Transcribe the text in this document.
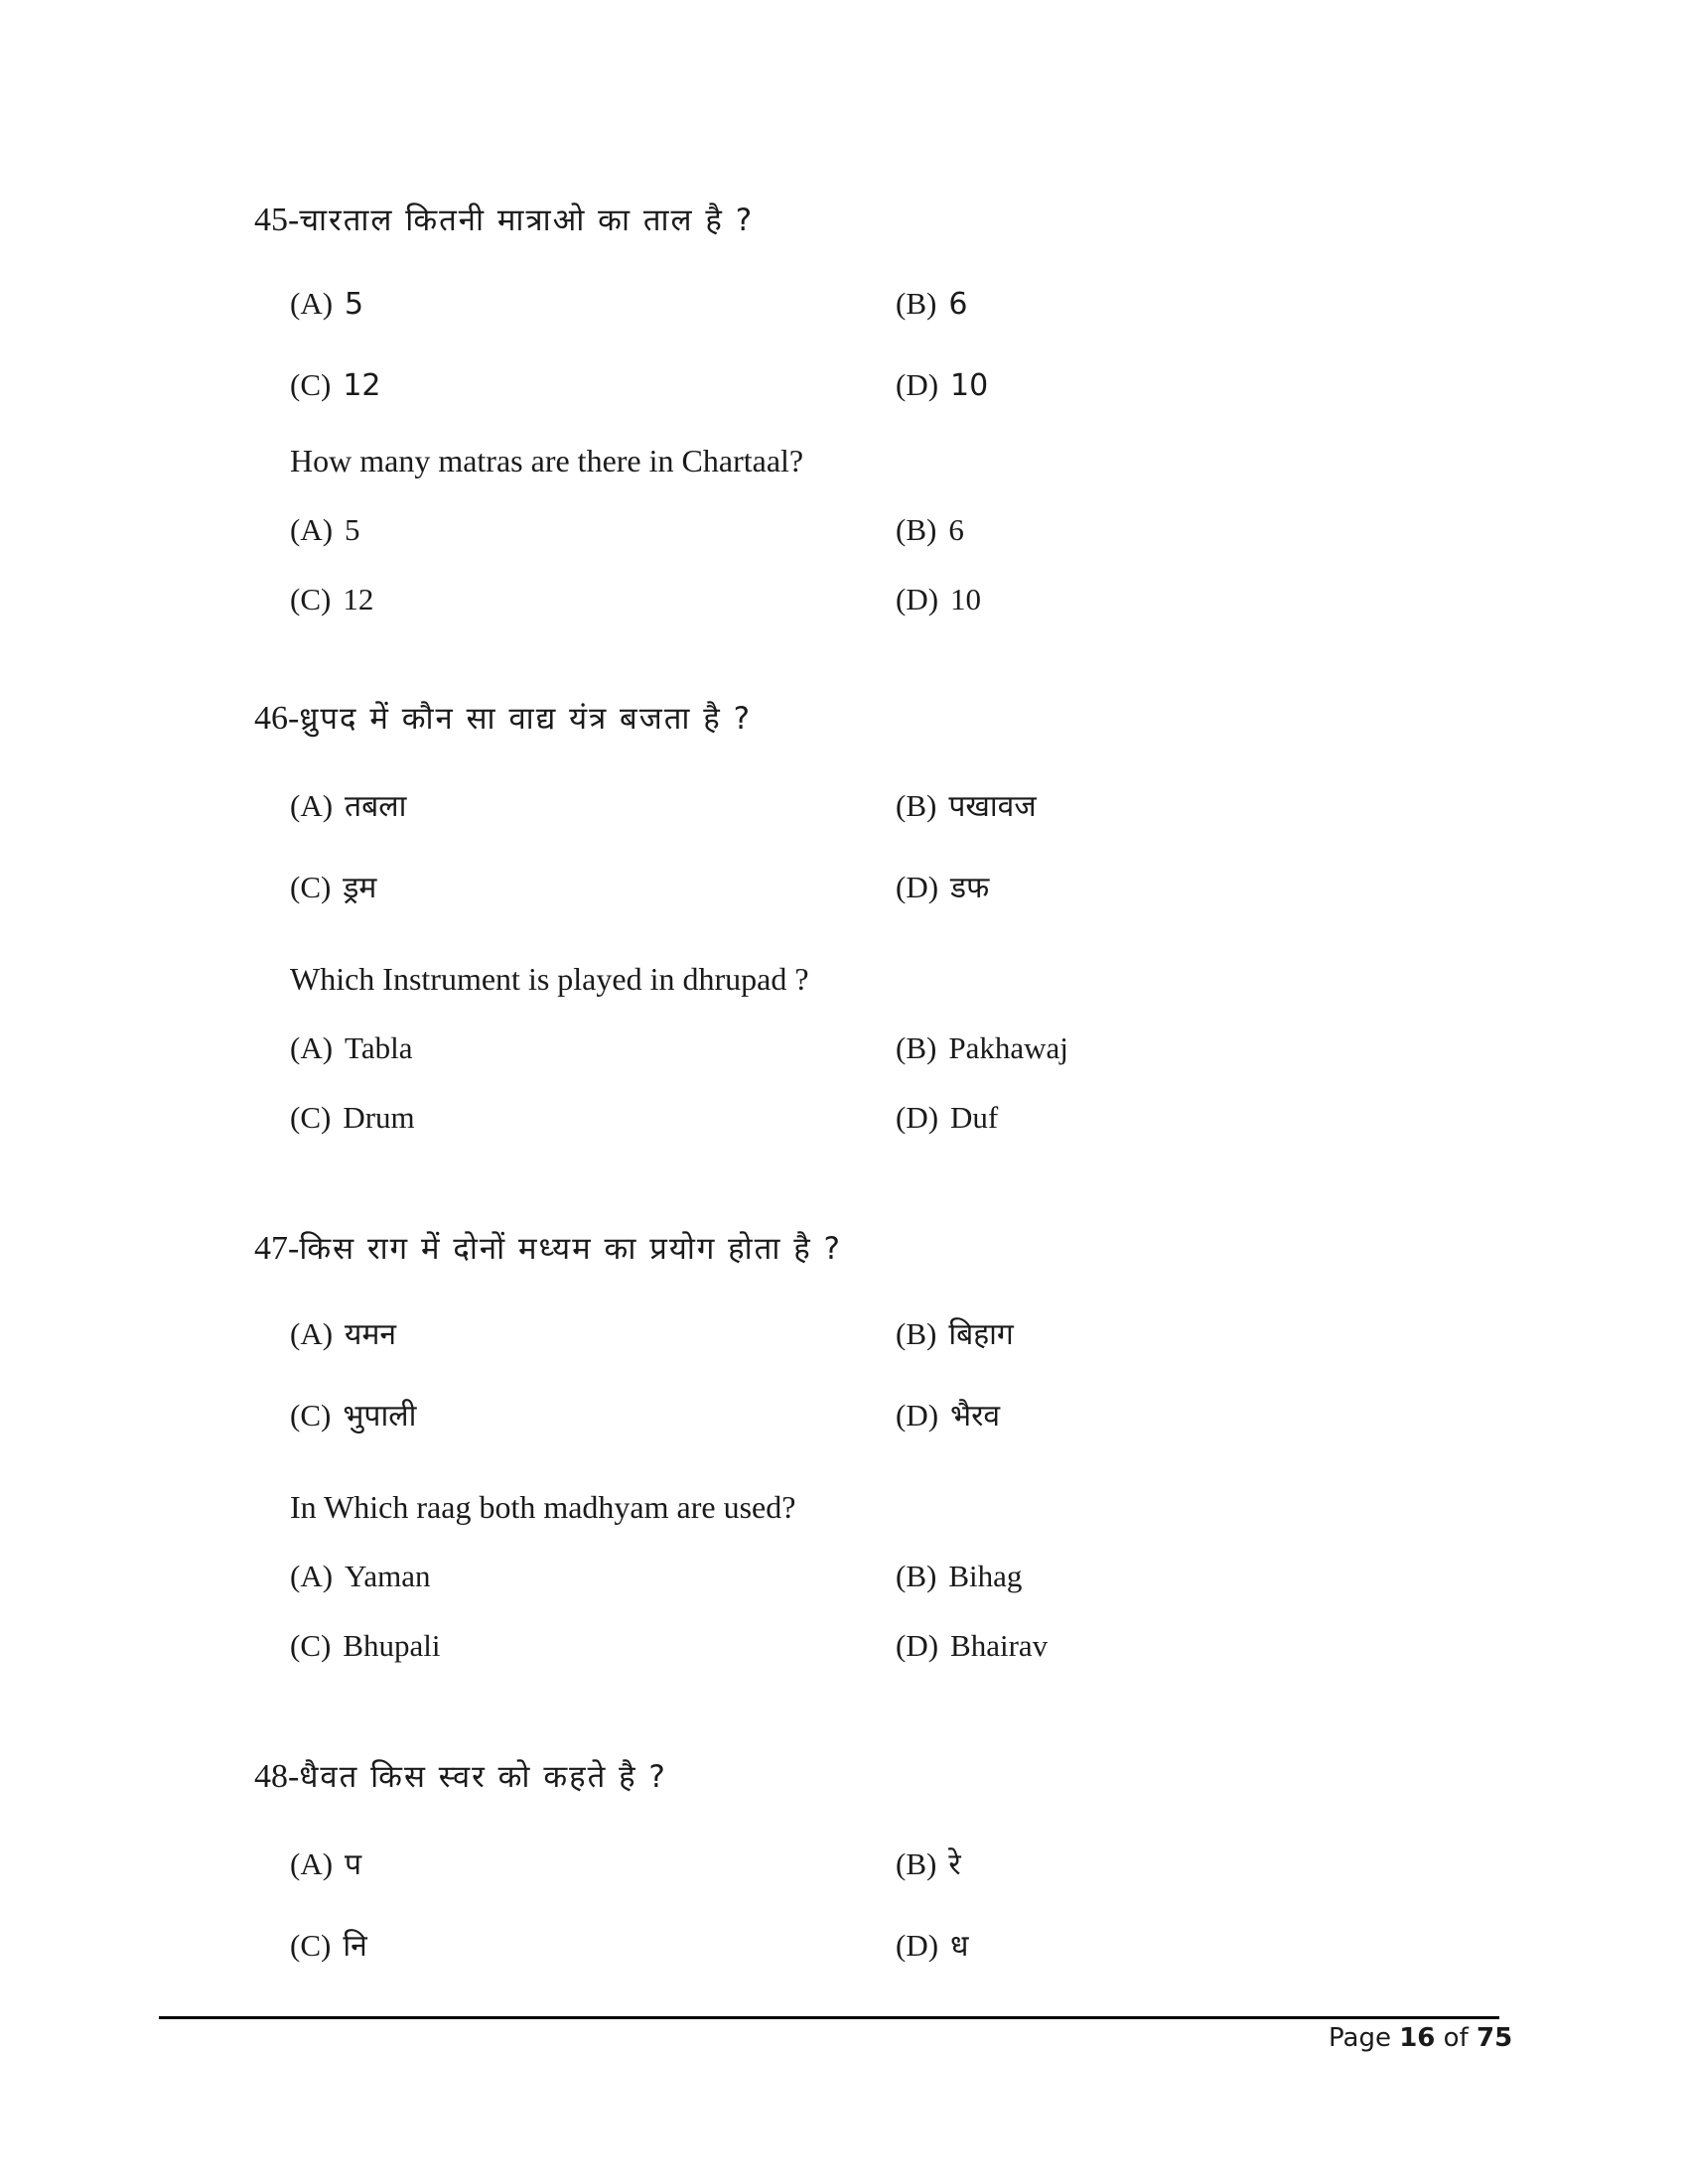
45-चारताल कितनी मात्राओ का ताल है ?
(A) 5	(B) 6
(C) 12	(D) 10
How many matras are there in Chartaal?
(A) 5	(B) 6
(C) 12	(D) 10
46-ध्रुपद में कौन सा वाद्य यंत्र बजता है ?
(A) तबला	(B) पखावज
(C) ड्रम	(D) डफ
Which Instrument is played in dhrupad ?
(A) Tabla	(B) Pakhawaj
(C) Drum	(D) Duf
47-किस राग में दोनों मध्यम का प्रयोग होता है ?
(A) यमन	(B) बिहाग
(C) भुपाली	(D) भैरव
In Which raag both madhyam are used?
(A) Yaman	(B) Bihag
(C) Bhupali	(D) Bhairav
48-धैवत किस स्वर को कहते है ?
(A) प	(B) रे
(C) नि	(D) ध
Page 16 of 75
